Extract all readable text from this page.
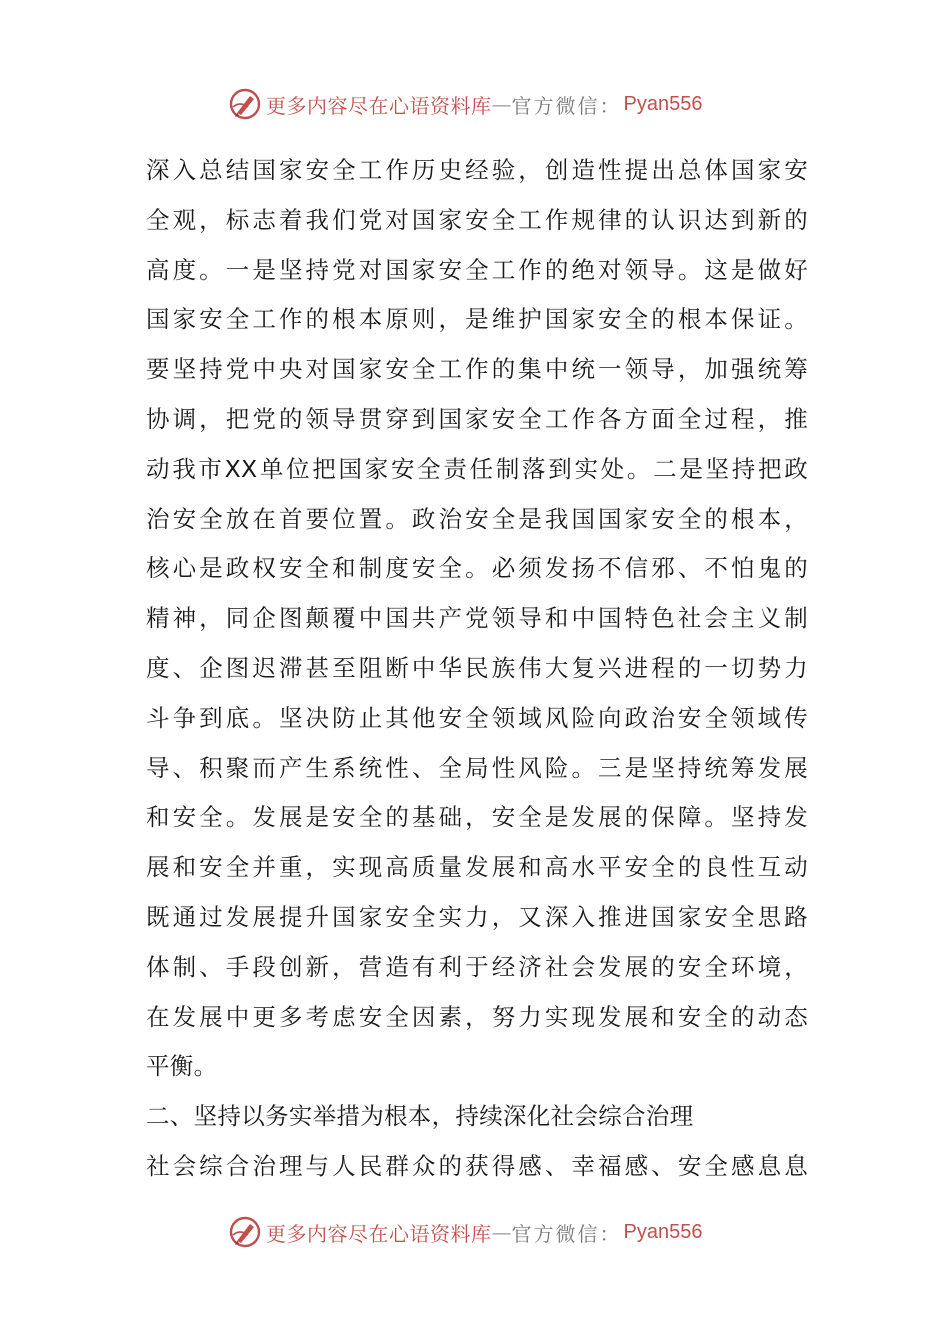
更多内容尽在心语资料库 — 官方微信： Pyan556
深入总结国家安全工作历史经验，创造性提出总体国家安
全观，标志着我们党对国家安全工作规律的认识达到新的
高度。一是坚持党对国家安全工作的绝对领导。这是做好
国家安全工作的根本原则，是维护国家安全的根本保证。
要坚持党中央对国家安全工作的集中统一领导，加强统筹
协调，把党的领导贯穿到国家安全工作各方面全过程，推
动我市XX单位把国家安全责任制落到实处。二是坚持把政
治安全放在首要位置。政治安全是我国国家安全的根本，
核心是政权安全和制度安全。必须发扬不信邪、不怕鬼的
精神，同企图颠覆中国共产党领导和中国特色社会主义制
度、企图迟滞甚至阻断中华民族伟大复兴进程的一切势力
斗争到底。坚决防止其他安全领域风险向政治安全领域传
导、积聚而产生系统性、全局性风险。三是坚持统筹发展
和安全。发展是安全的基础，安全是发展的保障。坚持发
展和安全并重，实现高质量发展和高水平安全的良性互动
既通过发展提升国家安全实力，又深入推进国家安全思路
体制、手段创新，营造有利于经济社会发展的安全环境，
在发展中更多考虑安全因素，努力实现发展和安全的动态
平衡。
二、坚持以务实举措为根本，持续深化社会综合治理
社会综合治理与人民群众的获得感、幸福感、安全感息息
更多内容尽在心语资料库 — 官方微信： Pyan556
